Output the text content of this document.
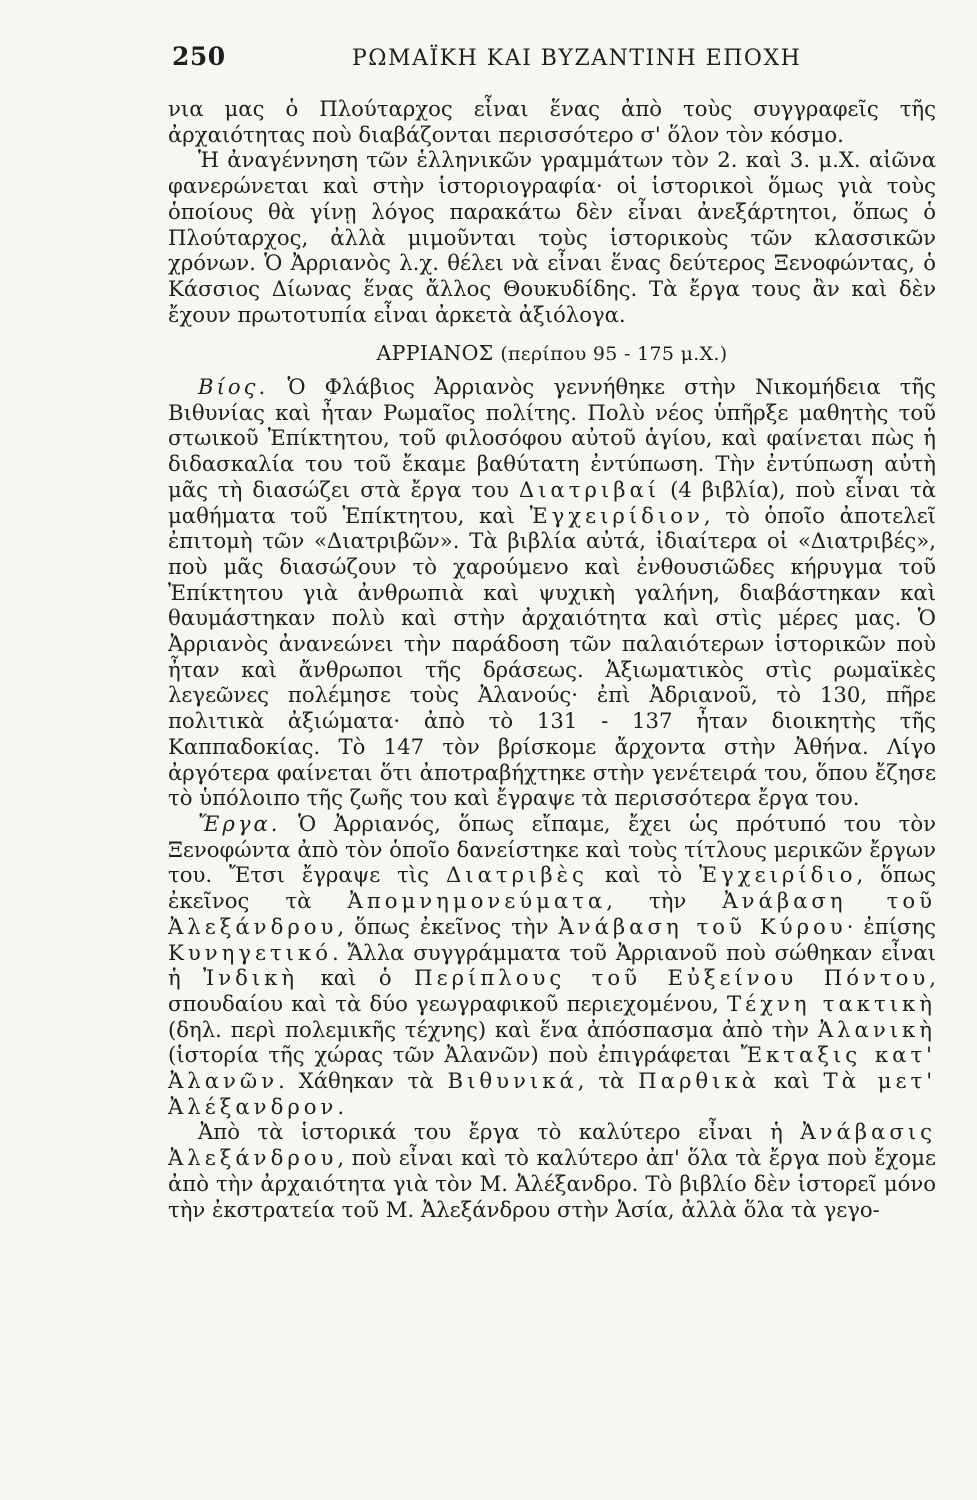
250	ΡΩΜΑΪΚΗ ΚΑΙ ΒΥΖΑΝΤΙΝΗ ΕΠΟΧΗ

νια μας ὁ Πλούταρχος εἶναι ἕνας ἀπὸ τοὺς συγγραφεῖς τῆς ἀρχαιότητας ποὺ διαβάζονται περισσότερο σ' ὅλον τὸν κόσμο.

Ἡ ἀναγέννηση τῶν ἑλληνικῶν γραμμάτων τὸν 2. καὶ 3. μ.Χ. αἰῶνα φανερώνεται καὶ στὴν ἱστοριογραφία· οἱ ἱστορικοὶ ὅμως γιὰ τοὺς ὁποίους θὰ γίνῃ λόγος παρακάτω δὲν εἶναι ἀνεξάρτητοι, ὅπως ὁ Πλούταρχος, ἀλλὰ μιμοῦνται τοὺς ἱστορικοὺς τῶν κλασσικῶν χρόνων. Ὁ Ἀρριανὸς λ.χ. θέλει νὰ εἶναι ἕνας δεύτερος Ξενοφώντας, ὁ Κάσσιος Δίωνας ἕνας ἄλλος Θουκυδίδης. Τὰ ἔργα τους ἂν καὶ δὲν ἔχουν πρωτοτυπία εἶναι ἀρκετὰ ἀξιόλογα.

ΑΡΡΙΑΝΟΣ (περίπου 95 - 175 μ.Χ.)

Βίος. Ὁ Φλάβιος Ἀρριανὸς γεννήθηκε στὴν Νικομήδεια τῆς Βιθυνίας καὶ ἦταν Ρωμαῖος πολίτης. Πολὺ νέος ὑπῆρξε μαθητὴς τοῦ στωικοῦ Ἐπίκτητου, τοῦ φιλοσόφου αὐτοῦ ἁγίου, καὶ φαίνεται πὼς ἡ διδασκαλία του τοῦ ἔκαμε βαθύτατη ἐντύπωση. Τὴν ἐντύπωση αὐτὴ μᾶς τὴ διασώζει στὰ ἔργα του Διατριβαί (4 βιβλία), ποὺ εἶναι τὰ μαθήματα τοῦ Ἐπίκτητου, καὶ Ἐγχειρίδιον, τὸ ὁποῖο ἀποτελεῖ ἐπιτομὴ τῶν «Διατριβῶν». Τὰ βιβλία αὐτά, ἰδιαίτερα οἱ «Διατριβές», ποὺ μᾶς διασώζουν τὸ χαρούμενο καὶ ἐνθουσιῶδες κήρυγμα τοῦ Ἐπίκτητου γιὰ ἀνθρωπιὰ καὶ ψυχικὴ γαλήνη, διαβάστηκαν καὶ θαυμάστηκαν πολὺ καὶ στὴν ἀρχαιότητα καὶ στὶς μέρες μας. Ὁ Ἀρριανὸς ἀνανεώνει τὴν παράδοση τῶν παλαιότερων ἱστορικῶν ποὺ ἦταν καὶ ἄνθρωποι τῆς δράσεως. Ἀξιωματικὸς στὶς ρωμαϊκὲς λεγεῶνες πολέμησε τοὺς Ἀλανούς· ἐπὶ Ἀδριανοῦ, τὸ 130, πῆρε πολιτικὰ ἀξιώματα· ἀπὸ τὸ 131 - 137 ἦταν διοικητὴς τῆς Καππαδοκίας. Τὸ 147 τὸν βρίσκομε ἄρχοντα στὴν Ἀθήνα. Λίγο ἀργότερα φαίνεται ὅτι ἀποτραβήχτηκε στὴν γενέτειρά του, ὅπου ἔζησε τὸ ὑπόλοιπο τῆς ζωῆς του καὶ ἔγραψε τὰ περισσότερα ἔργα του.

Ἔργα. Ὁ Ἀρριανός, ὅπως εἴπαμε, ἔχει ὡς πρότυπό του τὸν Ξενοφώντα ἀπὸ τὸν ὁποῖο δανείστηκε καὶ τοὺς τίτλους μερικῶν ἔργων του. Ἔτσι ἔγραψε τὶς Διατριβὲς καὶ τὸ Ἐγχειρίδιο, ὅπως ἐκεῖνος τὰ Ἀπομνημονεύματα, τὴν Ἀνάβαση τοῦ Ἀλεξάνδρου, ὅπως ἐκεῖνος τὴν Ἀνάβαση τοῦ Κύρου· ἐπίσης Κυνηγετικό. Ἄλλα συγγράμματα τοῦ Ἀρριανοῦ ποὺ σώθηκαν εἶναι ἡ Ἰνδικὴ καὶ ὁ Περίπλους τοῦ Εὐξείνου Πόντου, σπουδαίου καὶ τὰ δύο γεωγραφικοῦ περιεχομένου, Τέχνη τακτικὴ (δηλ. περὶ πολεμικῆς τέχνης) καὶ ἕνα ἀπόσπασμα ἀπὸ τὴν Ἀλανικὴ (ἱστορία τῆς χώρας τῶν Ἀλανῶν) ποὺ ἐπιγράφεται Ἔκταξις κατ' Ἀλανῶν. Χάθηκαν τὰ Βιθυνικά, τὰ Παρθικὰ καὶ Τὰ μετ' Ἀλέξανδρον.

Ἀπὸ τὰ ἱστορικά του ἔργα τὸ καλύτερο εἶναι ἡ Ἀνάβασις Ἀλεξάνδρου, ποὺ εἶναι καὶ τὸ καλύτερο ἀπ' ὅλα τὰ ἔργα ποὺ ἔχομε ἀπὸ τὴν ἀρχαιότητα γιὰ τὸν Μ. Ἀλέξανδρο. Τὸ βιβλίο δὲν ἱστορεῖ μόνο τὴν ἐκστρατεία τοῦ Μ. Ἀλεξάνδρου στὴν Ἀσία, ἀλλὰ ὅλα τὰ γεγο-
